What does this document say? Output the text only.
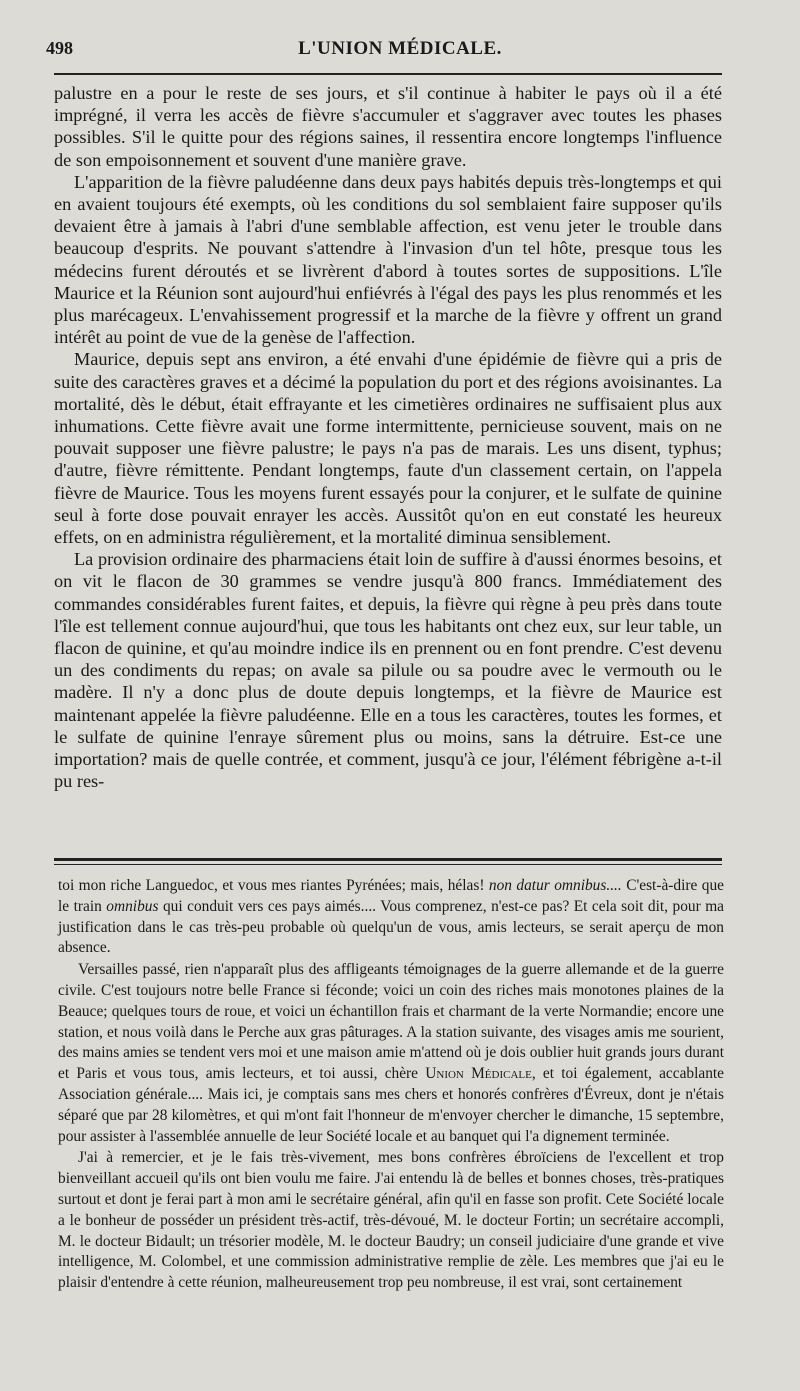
498	L'UNION MÉDICALE.

palustre en a pour le reste de ses jours, et s'il continue à habiter le pays où il a été imprégné, il verra les accès de fièvre s'accumuler et s'aggraver avec toutes les phases possibles. S'il le quitte pour des régions saines, il ressentira encore longtemps l'influence de son empoisonnement et souvent d'une manière grave.

L'apparition de la fièvre paludéenne dans deux pays habités depuis très-longtemps et qui en avaient toujours été exempts, où les conditions du sol semblaient faire supposer qu'ils devaient être à jamais à l'abri d'une semblable affection, est venu jeter le trouble dans beaucoup d'esprits. Ne pouvant s'attendre à l'invasion d'un tel hôte, presque tous les médecins furent déroutés et se livrèrent d'abord à toutes sortes de suppositions. L'île Maurice et la Réunion sont aujourd'hui enfiévrés à l'égal des pays les plus renommés et les plus marécageux. L'envahissement progressif et la marche de la fièvre y offrent un grand intérêt au point de vue de la genèse de l'affection.

Maurice, depuis sept ans environ, a été envahi d'une épidémie de fièvre qui a pris de suite des caractères graves et a décimé la population du port et des régions avoisinantes. La mortalité, dès le début, était effrayante et les cimetières ordinaires ne suffisaient plus aux inhumations. Cette fièvre avait une forme intermittente, pernicieuse souvent, mais on ne pouvait supposer une fièvre palustre; le pays n'a pas de marais. Les uns disent, typhus; d'autre, fièvre rémittente. Pendant longtemps, faute d'un classement certain, on l'appela fièvre de Maurice. Tous les moyens furent essayés pour la conjurer, et le sulfate de quinine seul à forte dose pouvait enrayer les accès. Aussitôt qu'on en eut constaté les heureux effets, on en administra régulièrement, et la mortalité diminua sensiblement.

La provision ordinaire des pharmaciens était loin de suffire à d'aussi énormes besoins, et on vit le flacon de 30 grammes se vendre jusqu'à 800 francs. Immédiatement des commandes considérables furent faites, et depuis, la fièvre qui règne à peu près dans toute l'île est tellement connue aujourd'hui, que tous les habitants ont chez eux, sur leur table, un flacon de quinine, et qu'au moindre indice ils en prennent ou en font prendre. C'est devenu un des condiments du repas; on avale sa pilule ou sa poudre avec le vermouth ou le madère. Il n'y a donc plus de doute depuis longtemps, et la fièvre de Maurice est maintenant appelée la fièvre paludéenne. Elle en a tous les caractères, toutes les formes, et le sulfate de quinine l'enraye sûrement plus ou moins, sans la détruire. Est-ce une importation? mais de quelle contrée, et comment, jusqu'à ce jour, l'élément fébrigène a-t-il pu res-

toi mon riche Languedoc, et vous mes riantes Pyrénées; mais, hélas! non datur omnibus.... C'est-à-dire que le train omnibus qui conduit vers ces pays aimés.... Vous comprenez, n'est-ce pas? Et cela soit dit, pour ma justification dans le cas très-peu probable où quelqu'un de vous, amis lecteurs, se serait aperçu de mon absence.

Versailles passé, rien n'apparaît plus des affligeants témoignages de la guerre allemande et de la guerre civile. C'est toujours notre belle France si féconde; voici un coin des riches mais monotones plaines de la Beauce; quelques tours de roue, et voici un échantillon frais et charmant de la verte Normandie; encore une station, et nous voilà dans le Perche aux gras pâturages. A la station suivante, des visages amis me sourient, des mains amies se tendent vers moi et une maison amie m'attend où je dois oublier huit grands jours durant et Paris et vous tous, amis lecteurs, et toi aussi, chère Union Médicale, et toi également, accablante Association générale.... Mais ici, je comptais sans mes chers et honorés confrères d'Évreux, dont je n'étais séparé que par 28 kilomètres, et qui m'ont fait l'honneur de m'envoyer chercher le dimanche, 15 septembre, pour assister à l'assemblée annuelle de leur Société locale et au banquet qui l'a dignement terminée.

J'ai à remercier, et je le fais très-vivement, mes bons confrères ébroïciens de l'excellent et trop bienveillant accueil qu'ils ont bien voulu me faire. J'ai entendu là de belles et bonnes choses, très-pratiques surtout et dont je ferai part à mon ami le secrétaire général, afin qu'il en fasse son profit. Cete Société locale a le bonheur de posséder un président très-actif, très-dévoué, M. le docteur Fortin; un secrétaire accompli, M. le docteur Bidault; un trésorier modèle, M. le docteur Baudry; un conseil judiciaire d'une grande et vive intelligence, M. Colombel, et une commission administrative remplie de zèle. Les membres que j'ai eu le plaisir d'entendre à cette réunion, malheureusement trop peu nombreuse, il est vrai, sont certainement
